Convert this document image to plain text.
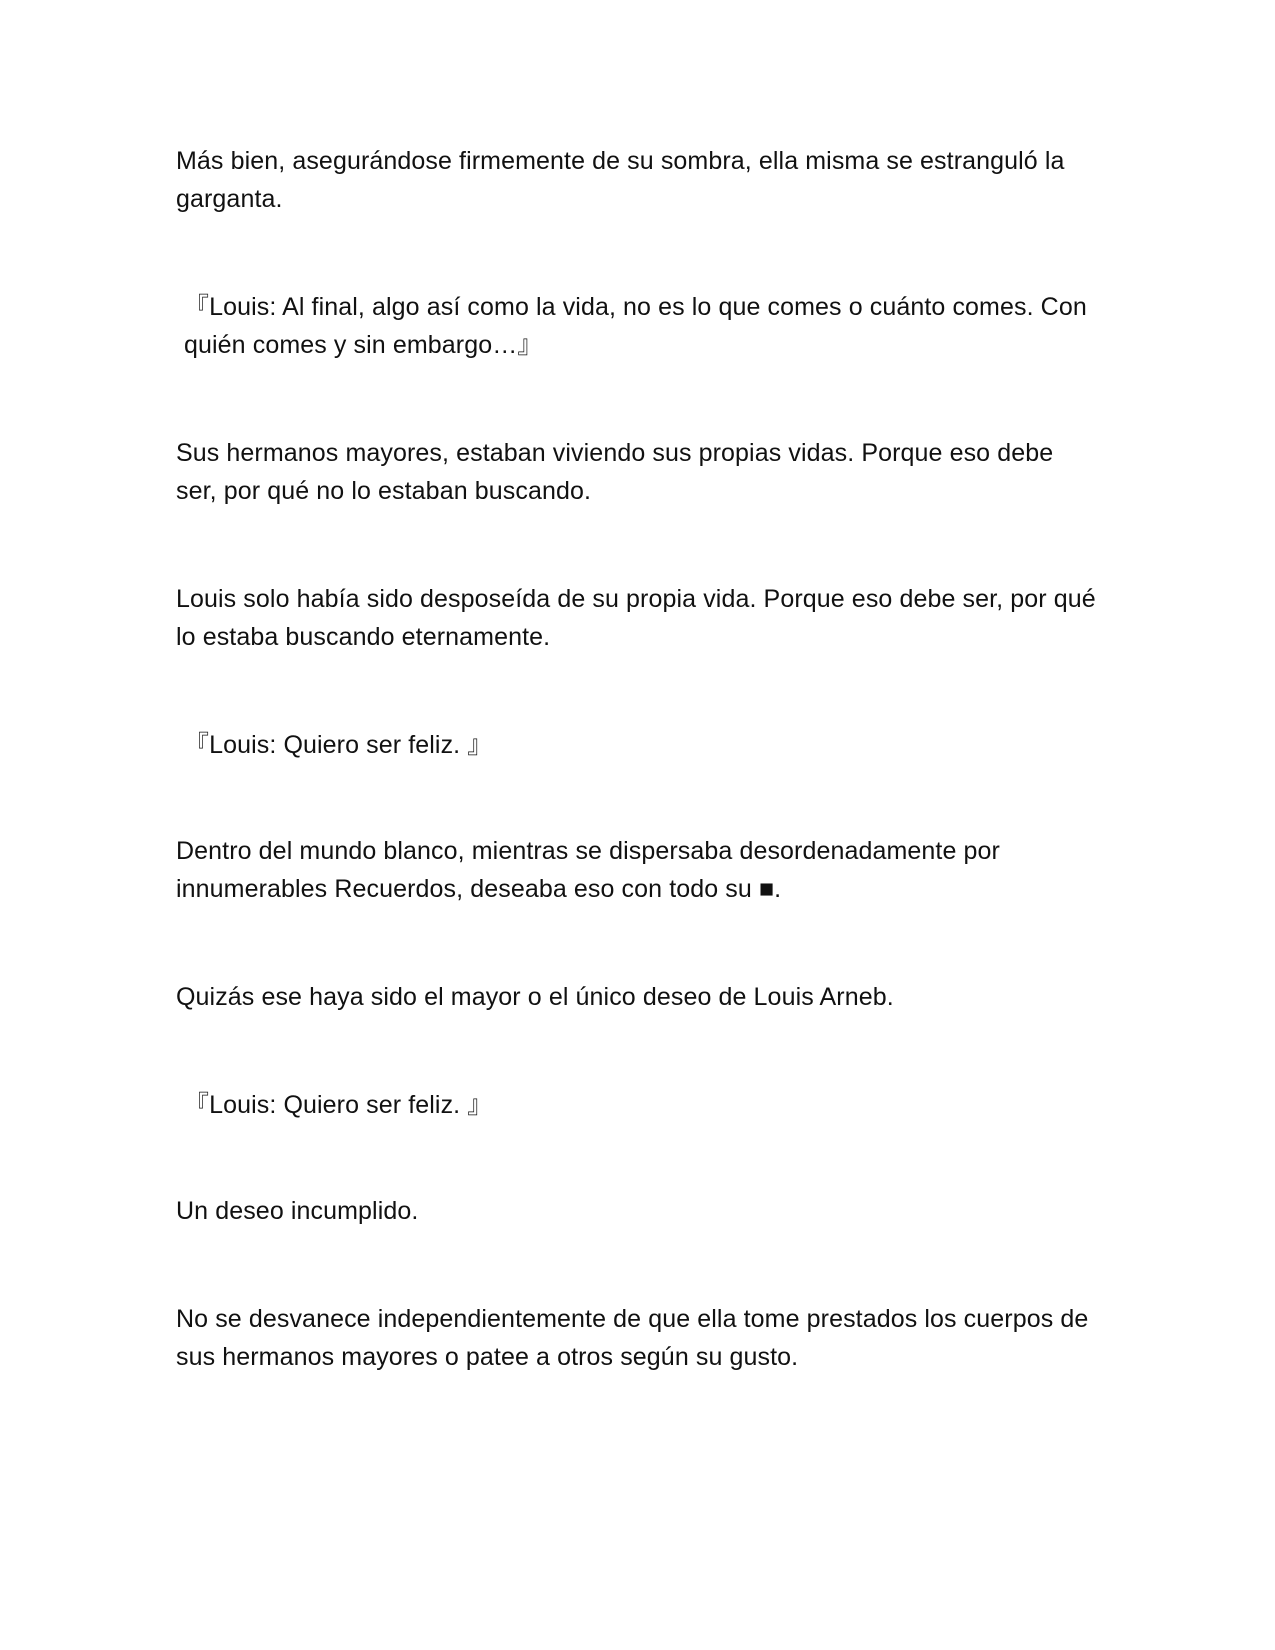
Más bien, asegurándose firmemente de su sombra, ella misma se estranguló la garganta.

『Louis: Al final, algo así como la vida, no es lo que comes o cuánto comes. Con quién comes y sin embargo…』

Sus hermanos mayores, estaban viviendo sus propias vidas. Porque eso debe ser, por qué no lo estaban buscando.

Louis solo había sido desposeída de su propia vida. Porque eso debe ser, por qué lo estaba buscando eternamente.

『Louis: Quiero ser feliz. 』

Dentro del mundo blanco, mientras se dispersaba desordenadamente por innumerables Recuerdos, deseaba eso con todo su ■.

Quizás ese haya sido el mayor o el único deseo de Louis Arneb.

『Louis: Quiero ser feliz. 』

Un deseo incumplido.

No se desvanece independientemente de que ella tome prestados los cuerpos de sus hermanos mayores o patee a otros según su gusto.
